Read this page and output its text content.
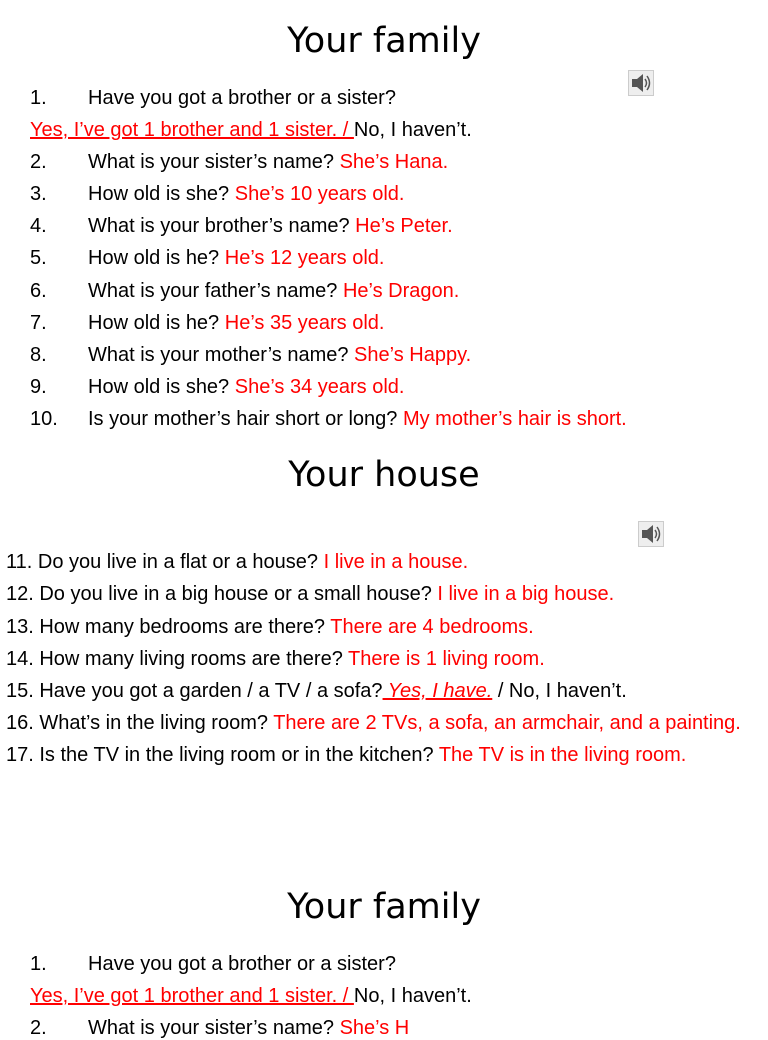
Your family
1. Have you got a brother or a sister?
Yes, I’ve got 1 brother and 1 sister. / No, I haven’t.
2. What is your sister’s name? She’s Hana.
3. How old is she? She’s 10 years old.
4. What is your brother’s name? He’s Peter.
5. How old is he? He’s 12 years old.
6. What is your father’s name? He’s Dragon.
7. How old is he? He’s 35 years old.
8. What is your mother’s name? She’s Happy.
9. How old is she? She’s 34 years old.
10. Is your mother’s hair short or long? My mother’s hair is short.
Your house
11. Do you live in a flat or a house? I live in a house.
12. Do you live in a big house or a small house? I live in a big house.
13. How many bedrooms are there? There are 4 bedrooms.
14. How many living rooms are there? There is 1 living room.
15. Have you got a garden / a TV / a sofa? Yes, I have. / No, I haven’t.
16. What’s in the living room? There are 2 TVs, a sofa, an armchair, and a painting.
17. Is the TV in the living room or in the kitchen? The TV is in the living room.
Your family
1. Have you got a brother or a sister?
Yes, I’ve got 1 brother and 1 sister. / No, I haven’t.
2. What is your sister’s name? She’s H
